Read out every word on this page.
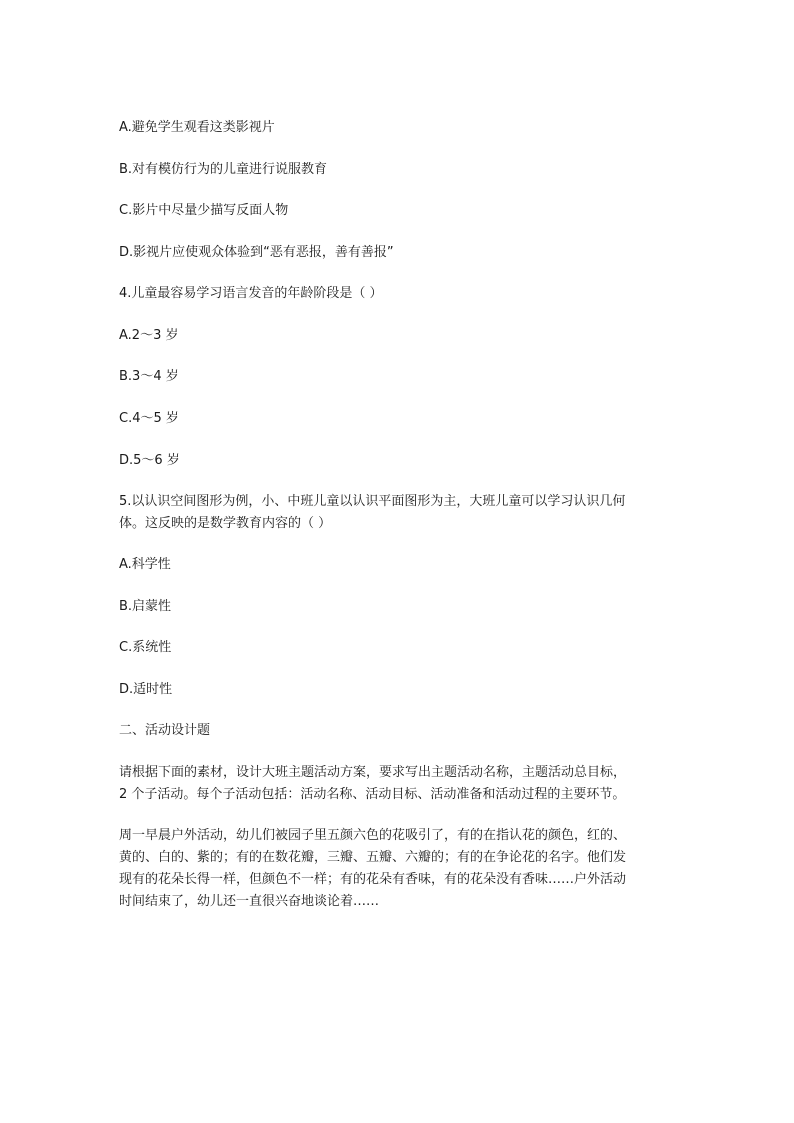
A.避免学生观看这类影视片
B.对有模仿行为的儿童进行说服教育
C.影片中尽量少描写反面人物
D.影视片应使观众体验到“恶有恶报，善有善报”
4.儿童最容易学习语言发音的年龄阶段是（ ）
A.2～3 岁
B.3～4 岁
C.4～5 岁
D.5～6 岁
5.以认识空间图形为例，小、中班儿童以认识平面图形为主，大班儿童可以学习认识几何
体。这反映的是数学教育内容的（ ）
A.科学性
B.启蒙性
C.系统性
D.适时性
二、活动设计题
请根据下面的素材，设计大班主题活动方案，要求写出主题活动名称，主题活动总目标，
2 个子活动。每个子活动包括：活动名称、活动目标、活动准备和活动过程的主要环节。
周一早晨户外活动，幼儿们被园子里五颜六色的花吸引了，有的在指认花的颜色，红的、
黄的、白的、紫的；有的在数花瓣，三瓣、五瓣、六瓣的；有的在争论花的名字。他们发
现有的花朵长得一样，但颜色不一样；有的花朵有香味，有的花朵没有香味……户外活动
时间结束了，幼儿还一直很兴奋地谈论着……
